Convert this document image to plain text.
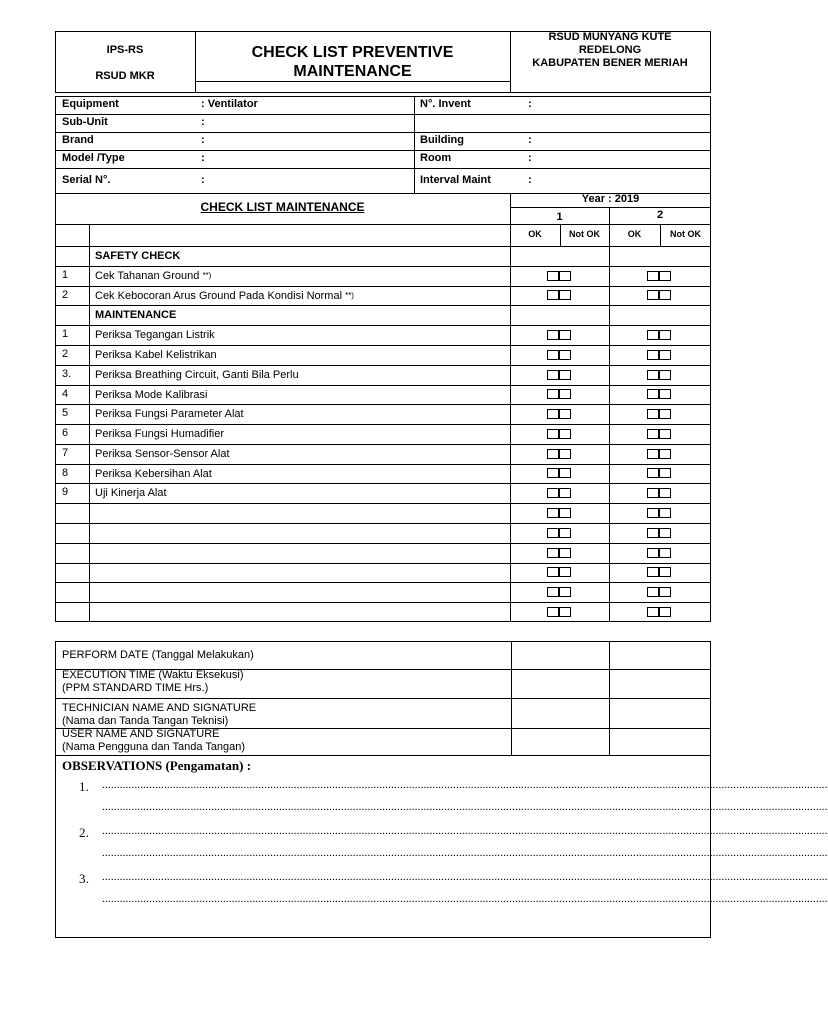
IPS-RS
RSUD MKR
CHECK LIST PREVENTIVE
MAINTENANCE
RSUD MUNYANG KUTE
REDELONG
KABUPATEN BENER MERIAH
Equipment	: Ventilator
Sub-Unit	:
Brand	:
Model /Type	:
Serial N°.	:
N°. Invent	:
Building	:
Room	:
Interval Maint	:
CHECK LIST MAINTENANCE
Year : 2019
1	2
OK	Not OK	OK	Not OK
SAFETY CHECK
1 Cek Tahanan Ground **)
2 Cek Kebocoran Arus Ground Pada Kondisi Normal **)
MAINTENANCE
1 Periksa Tegangan Listrik
2 Periksa Kabel Kelistrikan
3. Periksa Breathing Circuit, Ganti Bila Perlu
4 Periksa Mode Kalibrasi
5 Periksa Fungsi Parameter Alat
6 Periksa Fungsi Humadifier
7 Periksa Sensor-Sensor Alat
8 Periksa Kebersihan Alat
9 Uji Kinerja Alat
PERFORM DATE (Tanggal Melakukan)
EXECUTION TIME (Waktu Eksekusi)
(PPM STANDARD TIME Hrs.)
TECHNICIAN NAME AND SIGNATURE
(Nama dan Tanda Tangan Teknisi)
USER NAME AND SIGNATURE
(Nama Pengguna dan Tanda Tangan)
OBSERVATIONS (Pengamatan) :
1. ......................................................................................................................................................................................................................................................
......................................................................................................................................................................................................................................................
2. ......................................................................................................................................................................................................................................................
......................................................................................................................................................................................................................................................
3. ......................................................................................................................................................................................................................................................
......................................................................................................................................................................................................................................................
